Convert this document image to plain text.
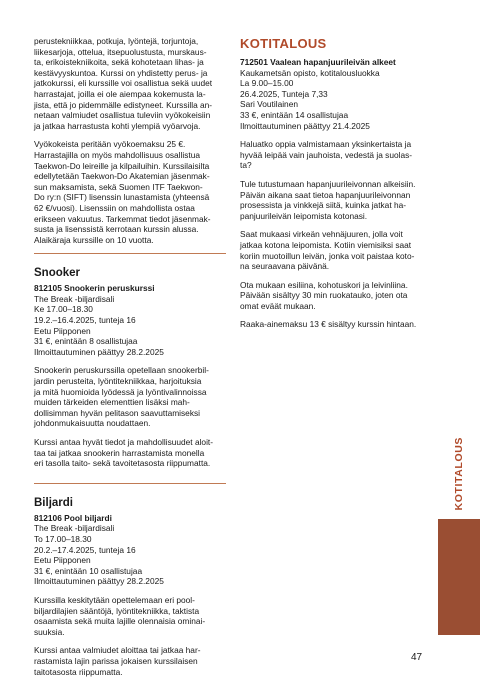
perustekniikkaa, potkuja, lyöntejä, torjuntoja,
liikesarjoja, ottelua, itsepuolustusta, murskaus-
ta, erikoistekniikoita, sekä kohotetaan lihas- ja
kestävyyskuntoa. Kurssi on yhdistetty perus- ja
jatkokurssi, eli kurssille voi osallistua sekä uudet
harrastajat, joilla ei ole aiempaa kokemusta la-
jista, että jo pidemmälle edistyneet. Kurssilla an-
netaan valmiudet osallistua tuleviin vyökokeisiin
ja jatkaa harrastusta kohti ylempiä vyöarvoja.

Vyökokeista peritään vyökoemaksu 25 €.
Harrastajilla on myös mahdollisuus osallistua
Taekwon-Do leireille ja kilpailuihin. Kurssilaisilta
edellytetään Taekwon-Do Akatemian jäsenmak-
sun maksamista, sekä Suomen ITF Taekwon-
Do ry:n (SIFT) lisenssin lunastamista (yhteensä
62 €/vuosi). Lisenssiin on mahdollista ostaa
erikseen vakuutus. Tarkemmat tiedot jäsenmak-
susta ja lisenssistä kerrotaan kurssin alussa.
Alaikäraja kurssille on 10 vuotta.

Snooker
812105 Snookerin peruskurssi
The Break -biljardisali
Ke 17.00–18.30
19.2.–16.4.2025, tunteja 16
Eetu Piipponen
31 €, enintään 8 osallistujaa
Ilmoittautuminen päättyy 28.2.2025

Snookerin peruskurssilla opetellaan snookerbil-
jardin perusteita, lyöntitekniikkaa, harjoituksia
ja mitä huomioida lyödessä ja lyöntivalinnoissa
muiden tärkeiden elementtien lisäksi mah-
dollisimman hyvän pelitason saavuttamiseksi
johdonmukaisuutta noudattaen.

Kurssi antaa hyvät tiedot ja mahdollisuudet aloit-
taa tai jatkaa snookerin harrastamista monella
eri tasolla taito- sekä tavoitetasosta riippumatta.

Biljardi
812106 Pool biljardi
The Break -biljardisali
To 17.00–18.30
20.2.–17.4.2025, tunteja 16
Eetu Piipponen
31 €, enintään 10 osallistujaa
Ilmoittautuminen päättyy 28.2.2025

Kurssilla keskitytään opettelemaan eri pool-
biljardilajien sääntöjä, lyöntitekniikka, taktista
osaamista sekä muita lajille olennaisia ominai-
suuksia.

Kurssi antaa valmiudet aloittaa tai jatkaa har-
rastamista lajin parissa jokaisen kurssilaisen
taitotasosta riippumatta.

KOTITALOUS
712501 Vaalean hapanjuurileivän alkeet
Kaukametsän opisto, kotitalousluokka
La 9.00–15.00
26.4.2025, Tunteja 7,33
Sari Voutilainen
33 €, enintään 14 osallistujaa
Ilmoittautuminen päättyy 21.4.2025

Haluatko oppia valmistamaan yksinkertaista ja
hyvää leipää vain jauhoista, vedestä ja suolas-
ta?

Tule tutustumaan hapanjuurileivonnan alkeisiin.
Päivän aikana saat tietoa hapanjuurileivonnan
prosessista ja vinkkejä siitä, kuinka jatkat ha-
panjuurileivän leipomista kotonasi.

Saat mukaasi virkeän vehnäjuuren, jolla voit
jatkaa kotona leipomista. Kotiin viemisiksi saat
koriin muotoillun leivän, jonka voit paistaa koto-
na seuraavana päivänä.

Ota mukaan esiliina, kohotuskori ja leivinliina.
Päivään sisältyy 30 min ruokatauko, joten ota
omat eväät mukaan.

Raaka-ainemaksu 13 € sisältyy kurssin hintaan.

KOTITALOUS
47
